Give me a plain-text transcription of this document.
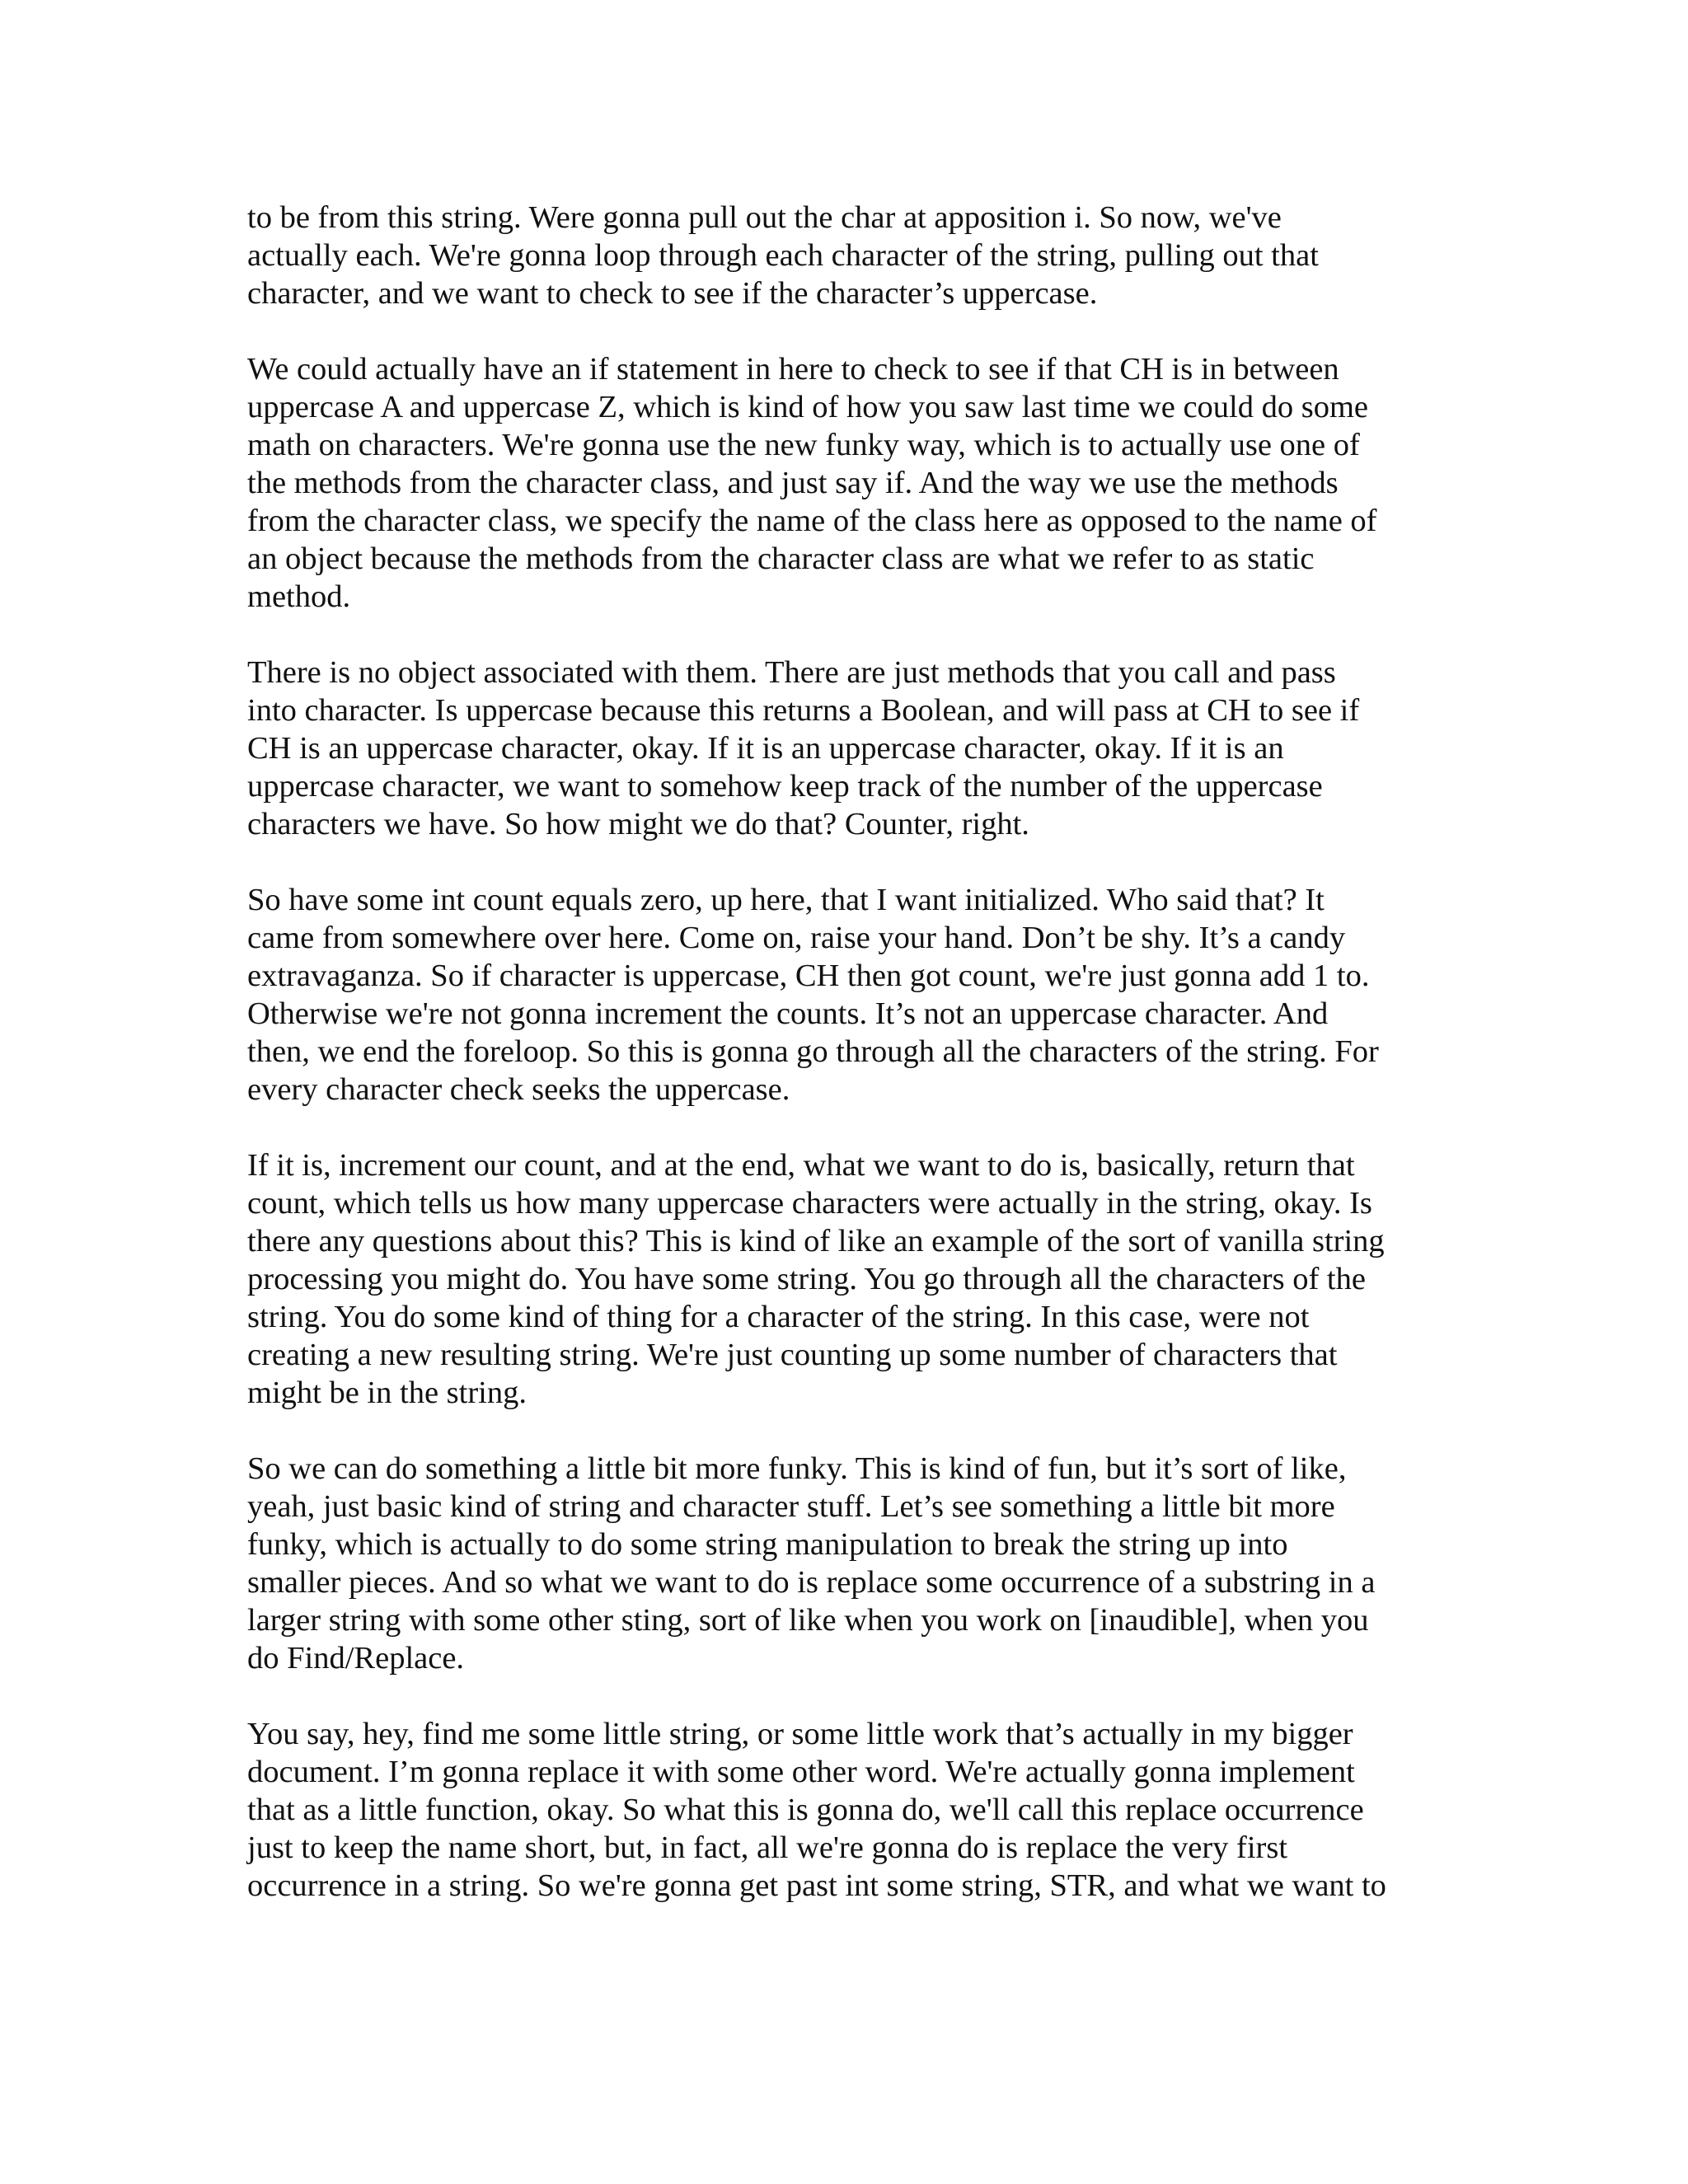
to be from this string. Were gonna pull out the char at apposition i. So now, we've
actually each. We're gonna loop through each character of the string, pulling out that
character, and we want to check to see if the character’s uppercase.

We could actually have an if statement in here to check to see if that CH is in between
uppercase A and uppercase Z, which is kind of how you saw last time we could do some
math on characters. We're gonna use the new funky way, which is to actually use one of
the methods from the character class, and just say if. And the way we use the methods
from the character class, we specify the name of the class here as opposed to the name of
an object because the methods from the character class are what we refer to as static
method.

There is no object associated with them. There are just methods that you call and pass
into character. Is uppercase because this returns a Boolean, and will pass at CH to see if
CH is an uppercase character, okay. If it is an uppercase character, okay. If it is an
uppercase character, we want to somehow keep track of the number of the uppercase
characters we have. So how might we do that? Counter, right.

So have some int count equals zero, up here, that I want initialized. Who said that? It
came from somewhere over here. Come on, raise your hand. Don’t be shy. It’s a candy
extravaganza. So if character is uppercase, CH then got count, we're just gonna add 1 to.
Otherwise we're not gonna increment the counts. It’s not an uppercase character. And
then, we end the foreloop. So this is gonna go through all the characters of the string. For
every character check seeks the uppercase.

If it is, increment our count, and at the end, what we want to do is, basically, return that
count, which tells us how many uppercase characters were actually in the string, okay. Is
there any questions about this? This is kind of like an example of the sort of vanilla string
processing you might do. You have some string. You go through all the characters of the
string. You do some kind of thing for a character of the string. In this case, were not
creating a new resulting string. We're just counting up some number of characters that
might be in the string.

So we can do something a little bit more funky. This is kind of fun, but it’s sort of like,
yeah, just basic kind of string and character stuff. Let’s see something a little bit more
funky, which is actually to do some string manipulation to break the string up into
smaller pieces. And so what we want to do is replace some occurrence of a substring in a
larger string with some other sting, sort of like when you work on [inaudible], when you
do Find/Replace.

You say, hey, find me some little string, or some little work that’s actually in my bigger
document. I’m gonna replace it with some other word. We're actually gonna implement
that as a little function, okay. So what this is gonna do, we'll call this replace occurrence
just to keep the name short, but, in fact, all we're gonna do is replace the very first
occurrence in a string. So we're gonna get past int some string, STR, and what we want to
